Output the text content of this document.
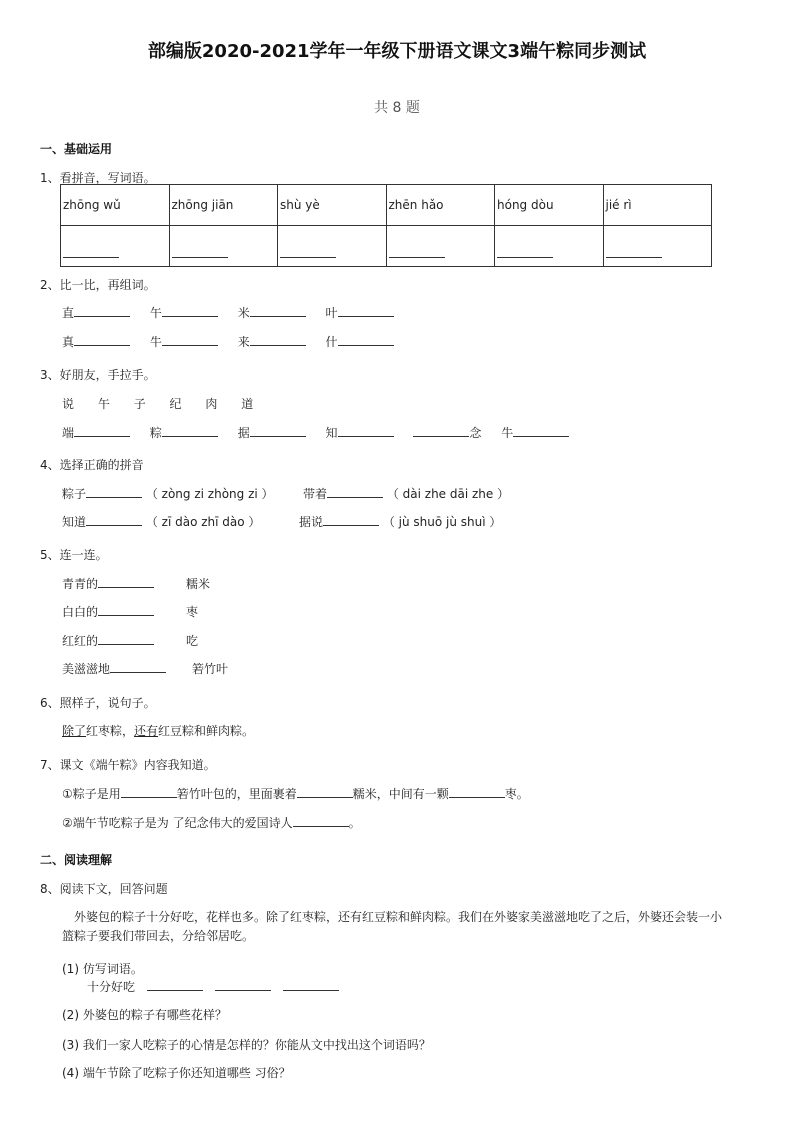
部编版2020-2021学年一年级下册语文课文3端午粽同步测试
共 8 题
一、基础运用
1、看拼音，写词语。
zhōng wǔ	zhōng jiān	shù yè	zhēn hǎo	hóng dòu	jié rì

2、比一比，再组词。
直	午	米	叶
真	牛	来	什
3、好朋友，手拉手。
说 午 子 纪 肉 道
端	粽	据	知	念 牛
4、选择正确的拼音
粽子	（ zòng zi zhòng zi ） 带着	（ dài zhe dāi zhe ）
知道	（ zī dào zhī dào ）	据说	（ jù shuō jù shuì ）
5、连一连。
青青的	糯米
白白的	枣
红红的	吃
美滋滋地	箬竹叶
6、照样子，说句子。
除了红枣粽，还有红豆粽和鲜肉粽。
7、课文《端午粽》内容我知道。
①粽子是用	箬竹叶包的，里面裹着	糯米，中间有一颗	枣。
②端午节吃粽子是为 了纪念伟大的爱国诗人	。
二、阅读理解
8、阅读下文，回答问题
外婆包的粽子十分好吃，花样也多。除了红枣粽，还有红豆粽和鲜肉粽。我们在外婆家美滋滋地吃了之后，外婆还会装一小篮粽子要我们带回去，分给邻居吃。
(1) 仿写词语。
十分好吃
(2) 外婆包的粽子有哪些花样？
(3) 我们一家人吃粽子的心情是怎样的？你能从文中找出这个词语吗？
(4) 端午节除了吃粽子你还知道哪些 习俗？
